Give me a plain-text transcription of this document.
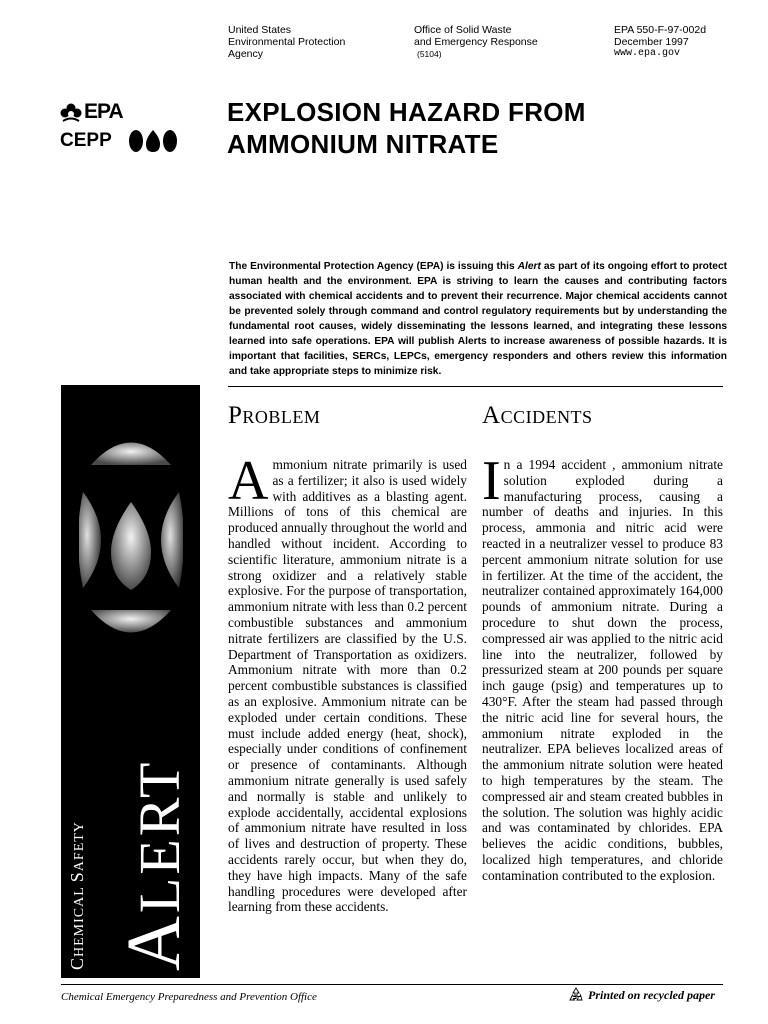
United States
Environmental Protection
Agency
Office of Solid Waste
and Emergency Response
(5104)
EPA 550-F-97-002d
December 1997
www.epa.gov
EPA
CEPP
EXPLOSION HAZARD FROM
AMMONIUM NITRATE
The Environmental Protection Agency (EPA) is issuing this Alert as part of its ongoing effort to protect human health and the environment. EPA is striving to learn the causes and contributing factors associated with chemical accidents and to prevent their recurrence. Major chemical accidents cannot be prevented solely through command and control regulatory requirements but by understanding the fundamental root causes, widely disseminating the lessons learned, and integrating these lessons learned into safe operations. EPA will publish Alerts to increase awareness of possible hazards. It is important that facilities, SERCs, LEPCs, emergency responders and others review this information and take appropriate steps to minimize risk.
CHEMICAL SAFETY
ALERT
PROBLEM
Ammonium nitrate primarily is used as a fertilizer; it also is used widely with additives as a blasting agent. Millions of tons of this chemical are produced annually throughout the world and handled without incident. According to scientific literature, ammonium nitrate is a strong oxidizer and a relatively stable explosive. For the purpose of transportation, ammonium nitrate with less than 0.2 percent combustible substances and ammonium nitrate fertilizers are classified by the U.S. Department of Transportation as oxidizers. Ammonium nitrate with more than 0.2 percent combustible substances is classified as an explosive. Ammonium nitrate can be exploded under certain conditions. These must include added energy (heat, shock), especially under conditions of confinement or presence of contaminants. Although ammonium nitrate generally is used safely and normally is stable and unlikely to explode accidentally, accidental explosions of ammonium nitrate have resulted in loss of lives and destruction of property. These accidents rarely occur, but when they do, they have high impacts. Many of the safe handling procedures were developed after learning from these accidents.
ACCIDENTS
In a 1994 accident , ammonium nitrate solution exploded during a manufacturing process, causing a number of deaths and injuries. In this process, ammonia and nitric acid were reacted in a neutralizer vessel to produce 83 percent ammonium nitrate solution for use in fertilizer. At the time of the accident, the neutralizer contained approximately 164,000 pounds of ammonium nitrate. During a procedure to shut down the process, compressed air was applied to the nitric acid line into the neutralizer, followed by pressurized steam at 200 pounds per square inch gauge (psig) and temperatures up to 430°F. After the steam had passed through the nitric acid line for several hours, the ammonium nitrate exploded in the neutralizer. EPA believes localized areas of the ammonium nitrate solution were heated to high temperatures by the steam. The compressed air and steam created bubbles in the solution. The solution was highly acidic and was contaminated by chlorides. EPA believes the acidic conditions, bubbles, localized high temperatures, and chloride contamination contributed to the explosion.
Chemical Emergency Preparedness and Prevention Office	Printed on recycled paper
